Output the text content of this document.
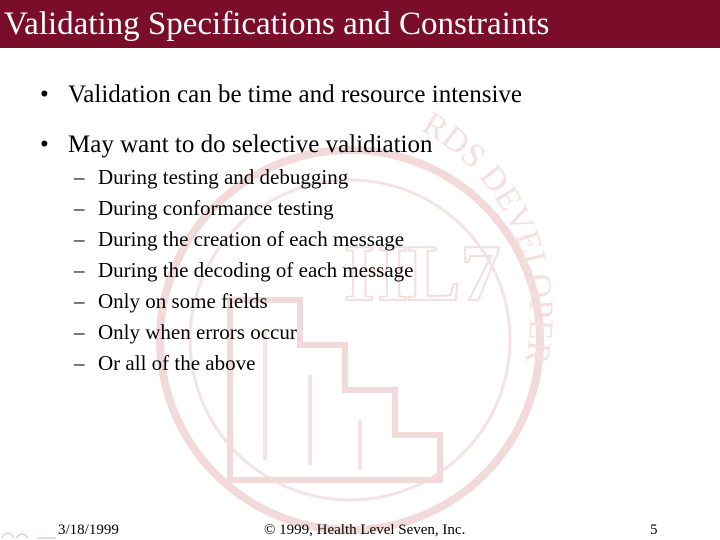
HL7
RDS DEVELOPER
Validating Specifications and Constraints
• Validation can be time and resource intensive
• May want to do selective validiation
– During testing and debugging
– During conformance testing
– During the creation of each message
– During the decoding of each message
– Only on some fields
– Only when errors occur
– Or all of the above
3/18/1999	© 1999, Health Level Seven, Inc.	5
